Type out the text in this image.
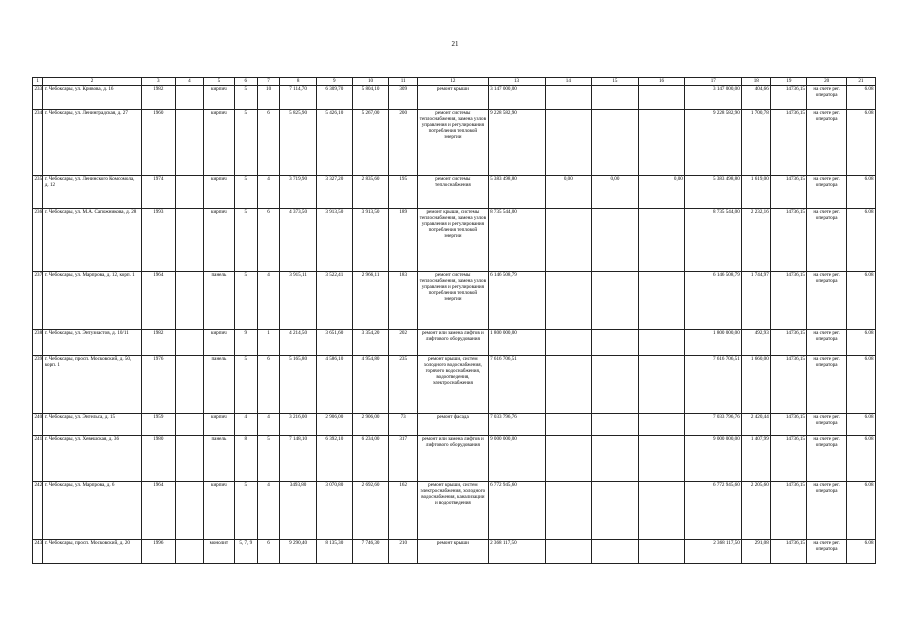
21
1	2	3	4	5	6	7	8	9	10	11	12	13	14	15	16	17	18	19	20	21
233	г. Чебоксары, ул. Кривова, д. 16	1982		кирпич	5	10	7 114,70	6 309,70	5 804,10	309	ремонт крыши	3 147 000,00				3 147 000,00	404,66	14736,15	на счете рег. оператора	6.08
234	г. Чебоксары, ул. Ленинградская, д. 27	1960		кирпич	5	6	5 825,90	5 426,10	5 267,00	200	ремонт системы теплоснабжения, замена узлов управления и регулирования потребления тепловой энергии	9 228 582,90				9 228 582,90	1 700,78	14736,15	на счете рег. оператора	6.08
235	г. Чебоксары, ул. Ленинского Комсомола, д. 12	1974		кирпич	5	4	3 719,90	3 327,20	2 835,60	195	ремонт системы теплоснабжения	5 383 498,80	0,00	0,00	0,00	5 383 498,80	1 619,00	14736,15	на счете рег. оператора	6.08
236	г. Чебоксары, ул. М.А. Сапожникова, д. 28	1993		кирпич	5	6	4 373,50	3 913,50	3 913,50	189	ремонт крыши, системы теплоснабжения, замена узлов управления и регулирования потребления тепловой энергии	8 735 544,00				8 735 544,00	2 232,16	14736,15	на счете рег. оператора	6.08
237	г. Чебоксары, ул. Марпрова, д. 12, корп. 1	1964		панель	5	4	3 915,11	3 522,41	2 966,11	183	ремонт системы теплоснабжения, замена узлов управления и регулирования потребления тепловой энергии	6 146 508,79				6 146 508,79	1 744,97	14736,15	на счете рег. оператора	6.08
238	г. Чебоксары, ул. Энтузиастов, д. 10/11	1982		кирпич	9	1	4 214,50	3 651,60	3 354,20	202	ремонт или замена лифтов и лифтового оборудования	1 800 000,00				1 800 000,00	492,93	14736,15	на счете рег. оператора	6.08
239	г. Чебоксары, просп. Московский, д. 50, корп. 1	1976		панель	5	6	5 165,80	4 586,10	4 954,80	235	ремонт крыши, систем холодного водоснабжения, горячего водоснабжения, водоотведения, электроснабжения	7 616 706,51				7 616 706,51	1 660,00	14736,15	на счете рег. оператора	6.08
240	г. Чебоксары, ул. Энгельса, д. 15	1959		кирпич	4	4	3 216,00	2 906,00	2 906,00	73	ремонт фасада	7 033 796,76				7 033 796,76	2 420,44	14736,15	на счете рег. оператора	6.08
241	г. Чебоксары, ул. Хевешская, д. 36	1980		панель	8	5	7 148,10	6 392,10	6 234,00	317	ремонт или замена лифтов и лифтового оборудования	9 000 000,00				9 000 000,00	1 407,99	14736,15	на счете рег. оператора	6.08
242	г. Чебоксары, ул. Марпрова, д. 6	1964		кирпич	5	4	3493,80	3 070,80	2 692,60	162	ремонт крыши, систем электроснабжения, холодного водоснабжения, канализации и водоотведения	6 772 945,60				6 772 945,60	2 205,60	14736,15	на счете рег. оператора	6.08
243	г. Чебоксары, просп. Московский, д. 20	1996		монолит	5, 7, 9	6	9 290,40	8 135,30	7 746,30	210	ремонт крыши	2 368 117,50				2 368 117,50	291,08	14736,15	на счете рег. оператора	6.08
